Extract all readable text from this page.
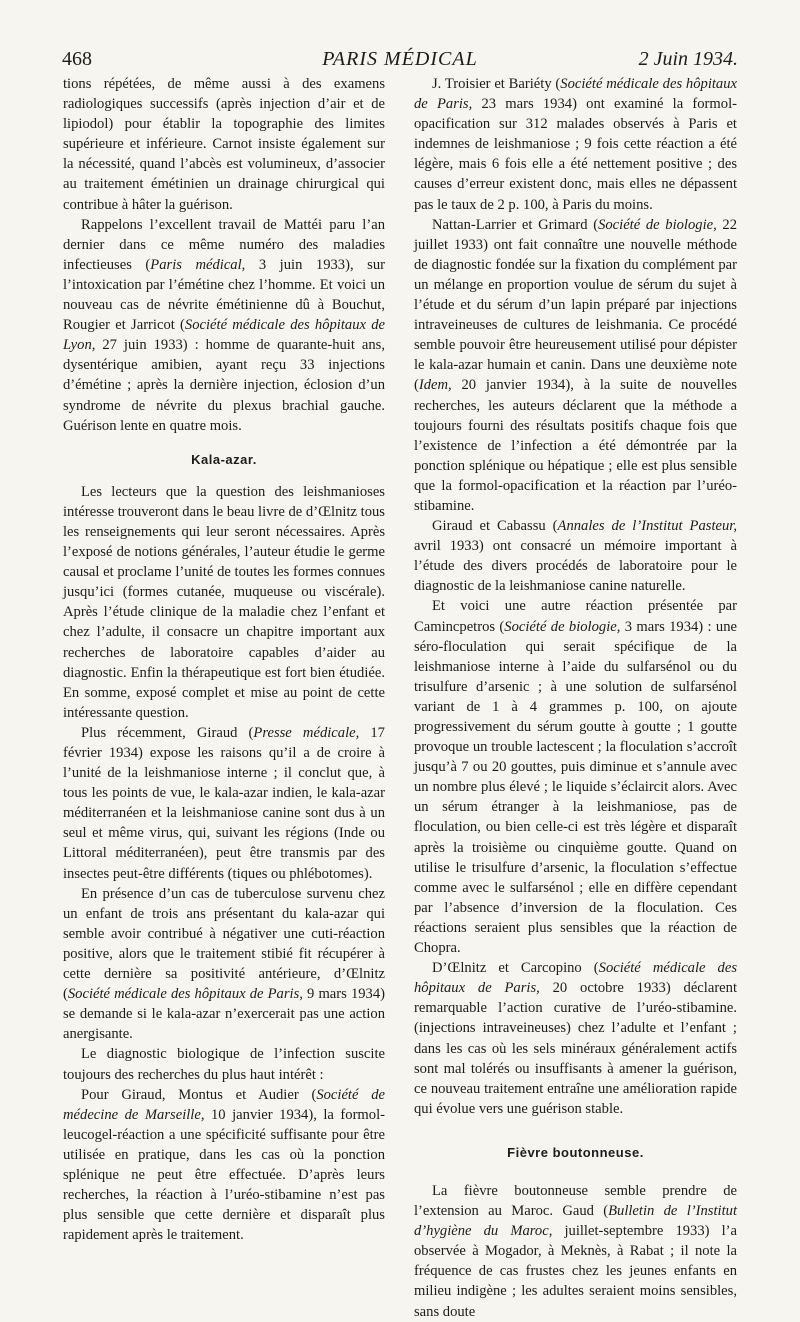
468	PARIS MÉDICAL	2 Juin 1934.

tions répétées, de même aussi à des examens radiologiques successifs (après injection d’air et de lipiodol) pour établir la topographie des limites supérieure et inférieure. Carnot insiste également sur la nécessité, quand l’abcès est volumineux, d’associer au traitement émétinien un drainage chirurgical qui contribue à hâter la guérison.

Rappelons l’excellent travail de Mattéi paru l’an dernier dans ce même numéro des maladies infectieuses (Paris médical, 3 juin 1933), sur l’intoxication par l’émétine chez l’homme. Et voici un nouveau cas de névrite émétinienne dû à Bouchut, Rougier et Jarricot (Société médicale des hôpitaux de Lyon, 27 juin 1933) : homme de quarante-huit ans, dysentérique amibien, ayant reçu 33 injections d’émétine ; après la dernière injection, éclosion d’un syndrome de névrite du plexus brachial gauche. Guérison lente en quatre mois.

Kala-azar.

Les lecteurs que la question des leishmanioses intéresse trouveront dans le beau livre de d’Œlnitz tous les renseignements qui leur seront nécessaires. Après l’exposé de notions générales, l’auteur étudie le germe causal et proclame l’unité de toutes les formes connues jusqu’ici (formes cutanée, muqueuse ou viscérale). Après l’étude clinique de la maladie chez l’enfant et chez l’adulte, il consacre un chapitre important aux recherches de laboratoire capables d’aider au diagnostic. Enfin la thérapeutique est fort bien étudiée. En somme, exposé complet et mise au point de cette intéressante question.

Plus récemment, Giraud (Presse médicale, 17 février 1934) expose les raisons qu’il a de croire à l’unité de la leishmaniose interne ; il conclut que, à tous les points de vue, le kala-azar indien, le kala-azar méditerranéen et la leishmaniose canine sont dus à un seul et même virus, qui, suivant les régions (Inde ou Littoral méditerranéen), peut être transmis par des insectes peut-être différents (tiques ou phlébotomes).

En présence d’un cas de tuberculose survenu chez un enfant de trois ans présentant du kala-azar qui semble avoir contribué à négativer une cuti-réaction positive, alors que le traitement stibié fit récupérer à cette dernière sa positivité antérieure, d’Œlnitz (Société médicale des hôpitaux de Paris, 9 mars 1934) se demande si le kala-azar n’exercerait pas une action anergisante.

Le diagnostic biologique de l’infection suscite toujours des recherches du plus haut intérêt :

Pour Giraud, Montus et Audier (Société de médecine de Marseille, 10 janvier 1934), la formol-leucogel-réaction a une spécificité suffisante pour être utilisée en pratique, dans les cas où la ponction splénique ne peut être effectuée. D’après leurs recherches, la réaction à l’uréo-stibamine n’est pas plus sensible que cette dernière et disparaît plus rapidement après le traitement.

J. Troisier et Bariéty (Société médicale des hôpitaux de Paris, 23 mars 1934) ont examiné la formol-opacification sur 312 malades observés à Paris et indemnes de leishmaniose ; 9 fois cette réaction a été légère, mais 6 fois elle a été nettement positive ; des causes d’erreur existent donc, mais elles ne dépassent pas le taux de 2 p. 100, à Paris du moins.

Nattan-Larrier et Grimard (Société de biologie, 22 juillet 1933) ont fait connaître une nouvelle méthode de diagnostic fondée sur la fixation du complément par un mélange en proportion voulue de sérum du sujet à l’étude et du sérum d’un lapin préparé par injections intraveineuses de cultures de leishmania. Ce procédé semble pouvoir être heureusement utilisé pour dépister le kala-azar humain et canin. Dans une deuxième note (Idem, 20 janvier 1934), à la suite de nouvelles recherches, les auteurs déclarent que la méthode a toujours fourni des résultats positifs chaque fois que l’existence de l’infection a été démontrée par la ponction splénique ou hépatique ; elle est plus sensible que la formol-opacification et la réaction par l’uréo-stibamine.

Giraud et Cabassu (Annales de l’Institut Pasteur, avril 1933) ont consacré un mémoire important à l’étude des divers procédés de laboratoire pour le diagnostic de la leishmaniose canine naturelle.

Et voici une autre réaction présentée par Camincpetros (Société de biologie, 3 mars 1934) : une séro-floculation qui serait spécifique de la leishmaniose interne à l’aide du sulfarsénol ou du trisulfure d’arsenic ; à une solution de sulfarsénol variant de 1 à 4 grammes p. 100, on ajoute progressivement du sérum goutte à goutte ; 1 goutte provoque un trouble lactescent ; la floculation s’accroît jusqu’à 7 ou 20 gouttes, puis diminue et s’annule avec un nombre plus élevé ; le liquide s’éclaircit alors. Avec un sérum étranger à la leishmaniose, pas de floculation, ou bien celle-ci est très légère et disparaît après la troisième ou cinquième goutte. Quand on utilise le trisulfure d’arsenic, la floculation s’effectue comme avec le sulfarsénol ; elle en diffère cependant par l’absence d’inversion de la floculation. Ces réactions seraient plus sensibles que la réaction de Chopra.

D’Œlnitz et Carcopino (Société médicale des hôpitaux de Paris, 20 octobre 1933) déclarent remarquable l’action curative de l’uréo-stibamine. (injections intraveineuses) chez l’adulte et l’enfant ; dans les cas où les sels minéraux généralement actifs sont mal tolérés ou insuffisants à amener la guérison, ce nouveau traitement entraîne une amélioration rapide qui évolue vers une guérison stable.

Fièvre boutonneuse.

La fièvre boutonneuse semble prendre de l’extension au Maroc. Gaud (Bulletin de l’Institut d’hygiène du Maroc, juillet-septembre 1933) l’a observée à Mogador, à Meknès, à Rabat ; il note la fréquence de cas frustes chez les jeunes enfants en milieu indigène ; les adultes seraient moins sensibles, sans doute
